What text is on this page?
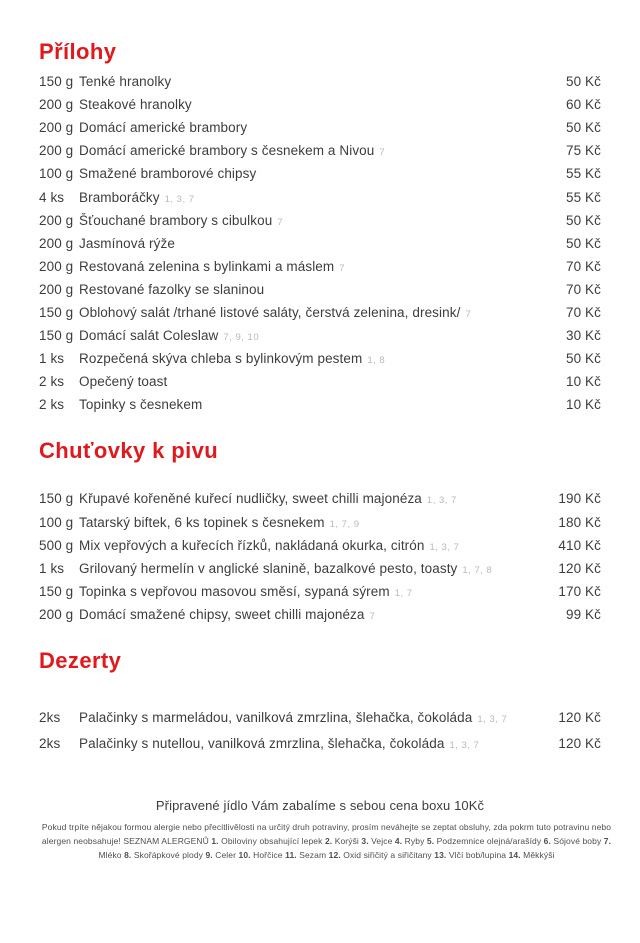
Přílohy
150 g Tenké hranolky	50 Kč
200 g Steakové hranolky	60 Kč
200 g Domácí americké brambory	50 Kč
200 g Domácí americké brambory s česnekem a Nivou 7	75 Kč
100 g Smažené bramborové chipsy	55 Kč
4 ks	Bramboráčky 1, 3, 7	55 Kč
200 g Šťouchané brambory s cibulkou 7	50 Kč
200 g Jasmínová rýže	50 Kč
200 g Restovaná zelenina s bylinkami a máslem 7	70 Kč
200 g Restované fazolky se slaninou	70 Kč
150 g Oblohový salát /trhané listové saláty, čerstvá zelenina, dresink/ 7	70 Kč
150 g Domácí salát Coleslaw 7, 9, 10	30 Kč
1 ks	Rozpečená skýva chleba s bylinkovým pestem 1, 8	50 Kč
2 ks	Opečený toast	10 Kč
2 ks	Topinky s česnekem	10 Kč
Chuťovky k pivu
150 g Křupavé kořeněné kuřecí nudličky, sweet chilli majonéza 1, 3, 7	190 Kč
100 g Tatarský biftek, 6 ks topinek s česnekem 1, 7, 9	180 Kč
500 g Mix vepřových a kuřecích řízků, nakládaná okurka, citrón 1, 3, 7	410 Kč
1 ks	Grilovaný hermelín v anglické slanině, bazalkové pesto, toasty 1, 7, 8	120 Kč
150 g Topinka s vepřovou masovou směsí, sypaná sýrem 1, 7	170 Kč
200 g Domácí smažené chipsy, sweet chilli majonéza 7	99 Kč
Dezerty
2ks	Palačinky s marmeládou, vanilková zmrzlina, šlehačka, čokoláda 1, 3, 7	120 Kč
2ks	Palačinky s nutellou, vanilková zmrzlina, šlehačka, čokoláda 1, 3, 7	120 Kč
Připravené jídlo Vám zabalíme s sebou cena boxu 10Kč
Pokud trpíte nějakou formou alergie nebo přecitlivělosti na určitý druh potraviny, prosím neváhejte se zeptat obsluhy, zda pokrm tuto potravinu nebo alergen neobsahuje! SEZNAM ALERGENŮ 1. Obiloviny obsahující lepek 2. Korýši 3. Vejce 4. Ryby 5. Podzemnice olejná/arašídy 6. Sójové boby 7. Mléko 8. Skořápkové plody 9. Celer 10. Hořčice 11. Sezam 12. Oxid siřičitý a siřičitany 13. Vlčí bob/lupina 14. Měkkýši
